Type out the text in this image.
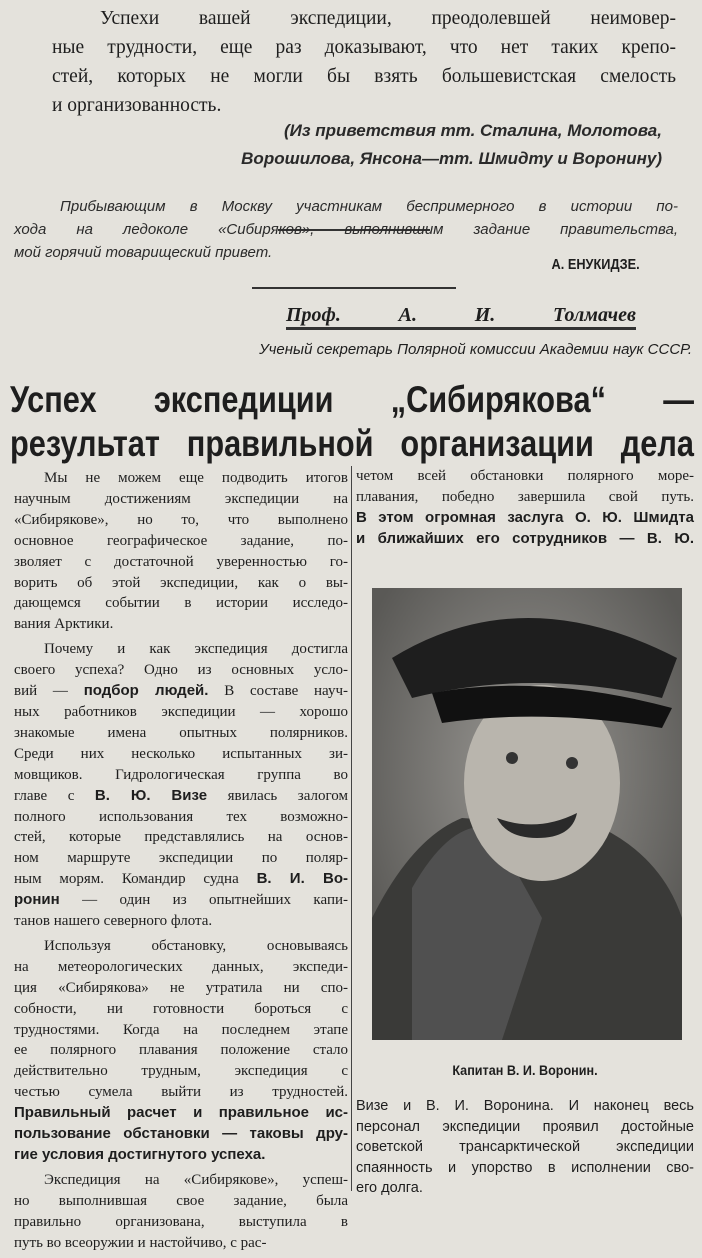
Успехи вашей экспедиции, преодолевшей неимовер-
ные трудности, еще раз доказывают, что нет таких крепо-
стей, которых не могли бы взять большевистская смелость
и организованность.
(Из приветствия тт. Сталина, Молотова,
Ворошилова, Янсона—тт. Шмидту и Воронину)
Прибывающим в Москву участникам беспримерного в истории по-
хода на ледоколе «Сибиряков», выполнившим задание правительства,
мой горячий товарищеский привет.
А. ЕНУКИДЗЕ.
Проф. А. И. Толмачев
Ученый секретарь Полярной комиссии Академии наук СССР.
Успех экспедиции „Сибирякова“ —
результат правильной организации дела
Мы не можем еще подводить итогов
научным достижениям экспедиции на
«Сибирякове», но то, что выполнено
основное географическое задание, по-
зволяет с достаточной уверенностью го-
ворить об этой экспедиции, как о вы-
дающемся событии в истории исследо-
вания Арктики.
Почему и как экспедиция достигла
своего успеха? Одно из основных усло-
вий — подбор людей. В составе науч-
ных работников экспедиции — хорошо
знакомые имена опытных полярников.
Среди них несколько испытанных зи-
мовщиков. Гидрологическая группа во
главе с В. Ю. Визе явилась залогом
полного использования тех возможно-
стей, которые представлялись на основ-
ном маршруте экспедиции по поляр-
ным морям. Командир судна В. И. Во-
ронин — один из опытнейших капи-
танов нашего северного флота.
Используя обстановку, основываясь
на метеорологических данных, экспеди-
ция «Сибирякова» не утратила ни спо-
собности, ни готовности бороться с
трудностями. Когда на последнем этапе
ее полярного плавания положение стало
действительно трудным, экспедиция с
честью сумела выйти из трудностей.
Правильный расчет и правильное ис-
пользование обстановки — таковы дру-
гие условия достигнутого успеха.
Экспедиция на «Сибирякове», успеш-
но выполнившая свое задание, была
правильно организована, выступила в
путь во всеоружии и настойчиво, с рас-
четом всей обстановки полярного море-
плавания, победно завершила свой путь.
В этом огромная заслуга О. Ю. Шмидта
и ближайших его сотрудников — В. Ю.
Капитан В. И. Воронин.
Визе и В. И. Воронина. И наконец весь
персонал экспедиции проявил достойные
советской трансарктической экспедиции
спаянность и упорство в исполнении сво-
его долга.
